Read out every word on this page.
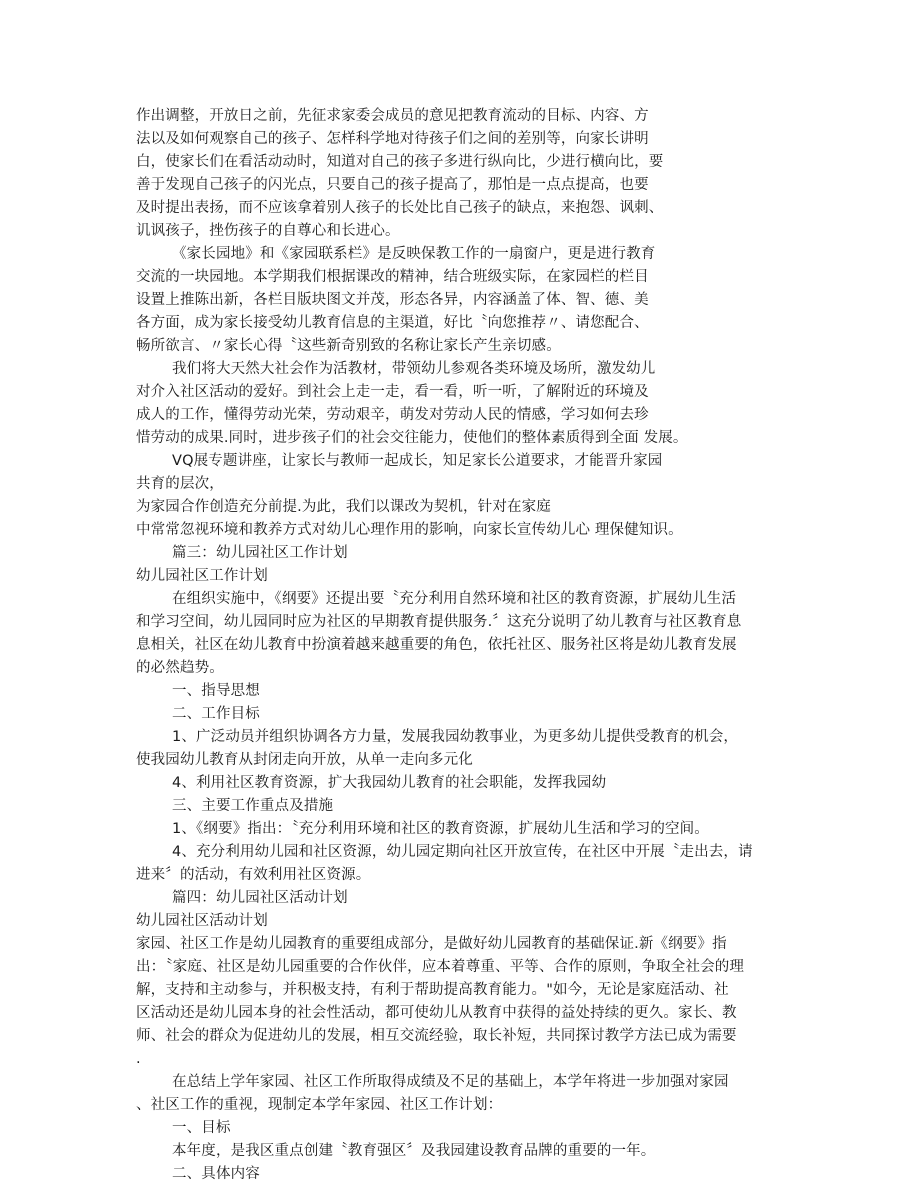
作出调整，开放日之前，先征求家委会成员的意见把教育流动的目标、内容、方
法以及如何观察自己的孩子、怎样科学地对待孩子们之间的差别等，向家长讲明
白，使家长们在看活动动时，知道对自己的孩子多进行纵向比，少进行横向比，要
善于发现自己孩子的闪光点，只要自己的孩子提高了，那怕是一点点提高，也要
及时提出表扬，而不应该拿着别人孩子的长处比自己孩子的缺点，来抱怨、讽刺、
讥讽孩子，挫伤孩子的自尊心和长进心。
《家长园地》和《家园联系栏》是反映保教工作的一扇窗户，更是进行教育
交流的一块园地。本学期我们根据课改的精神，结合班级实际，在家园栏的栏目
设置上推陈出新，各栏目版块图文并茂，形态各异，内容涵盖了体、智、德、美
各方面，成为家长接受幼儿教育信息的主渠道，好比〝向您推荐〃、请您配合、
畅所欲言、〃家长心得〝这些新奇别致的名称让家长产生亲切感。
我们将大天然大社会作为活教材，带领幼儿参观各类环境及场所，激发幼儿
对介入社区活动的爱好。到社会上走一走，看一看，听一听，了解附近的环境及
成人的工作，懂得劳动光荣，劳动艰辛，萌发对劳动人民的情感，学习如何去珍
惜劳动的成果.同时，进步孩子们的社会交往能力，使他们的整体素质得到全面 发展。
VQ展专题讲座，让家长与教师一起成长，知足家长公道要求，才能晋升家园
共育的层次，
为家园合作创造充分前提.为此，我们以课改为契机，针对在家庭
中常常忽视环境和教养方式对幼儿心理作用的影响，向家长宣传幼儿心 理保健知识。
篇三：幼儿园社区工作计划
幼儿园社区工作计划
在组织实施中，《纲要》还提出要〝充分利用自然环境和社区的教育资源，扩展幼儿生活
和学习空间，幼儿园同时应为社区的早期教育提供服务.〞这充分说明了幼儿教育与社区教育息
息相关，社区在幼儿教育中扮演着越来越重要的角色，依托社区、服务社区将是幼儿教育发展
的必然趋势。
一、指导思想
二、工作目标
1、广泛动员并组织协调各方力量，发展我园幼教事业，为更多幼儿提供受教育的机会，
使我园幼儿教育从封闭走向开放，从单一走向多元化
4、利用社区教育资源，扩大我园幼儿教育的社会职能，发挥我园幼
三、主要工作重点及措施
1、《纲要》指出：〝充分利用环境和社区的教育资源，扩展幼儿生活和学习的空间。
4、充分利用幼儿园和社区资源，幼儿园定期向社区开放宣传，在社区中开展〝走出去，请
进来〞的活动，有效利用社区资源。
篇四：幼儿园社区活动计划
幼儿园社区活动计划
家园、社区工作是幼儿园教育的重要组成部分，是做好幼儿园教育的基础保证.新《纲要》指
出：〝家庭、社区是幼儿园重要的合作伙伴，应本着尊重、平等、合作的原则，争取全社会的理
解，支持和主动参与，并积极支持，有利于帮助提高教育能力。"如今，无论是家庭活动、社
区活动还是幼儿园本身的社会性活动，都可使幼儿从教育中获得的益处持续的更久。家长、教
师、社会的群众为促进幼儿的发展，相互交流经验，取长补短，共同探讨教学方法已成为需要
.
在总结上学年家园、社区工作所取得成绩及不足的基础上，本学年将进一步加强对家园
、社区工作的重视，现制定本学年家园、社区工作计划：
一、目标
本年度，是我区重点创建〝教育强区〞及我园建设教育品牌的重要的一年。
二、具体内容
